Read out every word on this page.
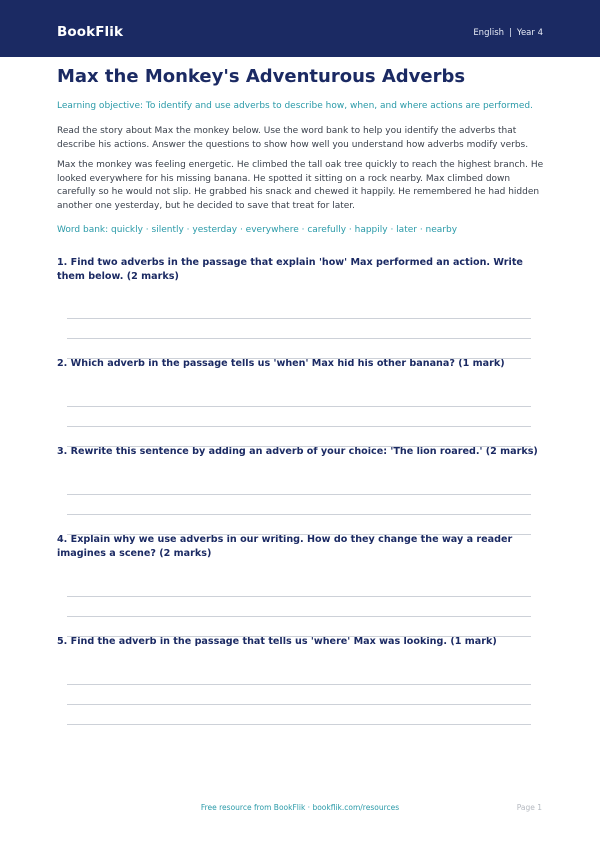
BookFlik	English | Year 4
Max the Monkey's Adventurous Adverbs

Learning objective: To identify and use adverbs to describe how, when, and where actions are performed.

Read the story about Max the monkey below. Use the word bank to help you identify the adverbs that describe his actions. Answer the questions to show how well you understand how adverbs modify verbs.

Max the monkey was feeling energetic. He climbed the tall oak tree quickly to reach the highest branch. He looked everywhere for his missing banana. He spotted it sitting on a rock nearby. Max climbed down carefully so he would not slip. He grabbed his snack and chewed it happily. He remembered he had hidden another one yesterday, but he decided to save that treat for later.

Word bank: quickly · silently · yesterday · everywhere · carefully · happily · later · nearby

1. Find two adverbs in the passage that explain 'how' Max performed an action. Write them below. (2 marks)
2. Which adverb in the passage tells us 'when' Max hid his other banana? (1 mark)
3. Rewrite this sentence by adding an adverb of your choice: 'The lion roared.' (2 marks)
4. Explain why we use adverbs in our writing. How do they change the way a reader imagines a scene? (2 marks)
5. Find the adverb in the passage that tells us 'where' Max was looking. (1 mark)
Free resource from BookFlik · bookflik.com/resources	Page 1
